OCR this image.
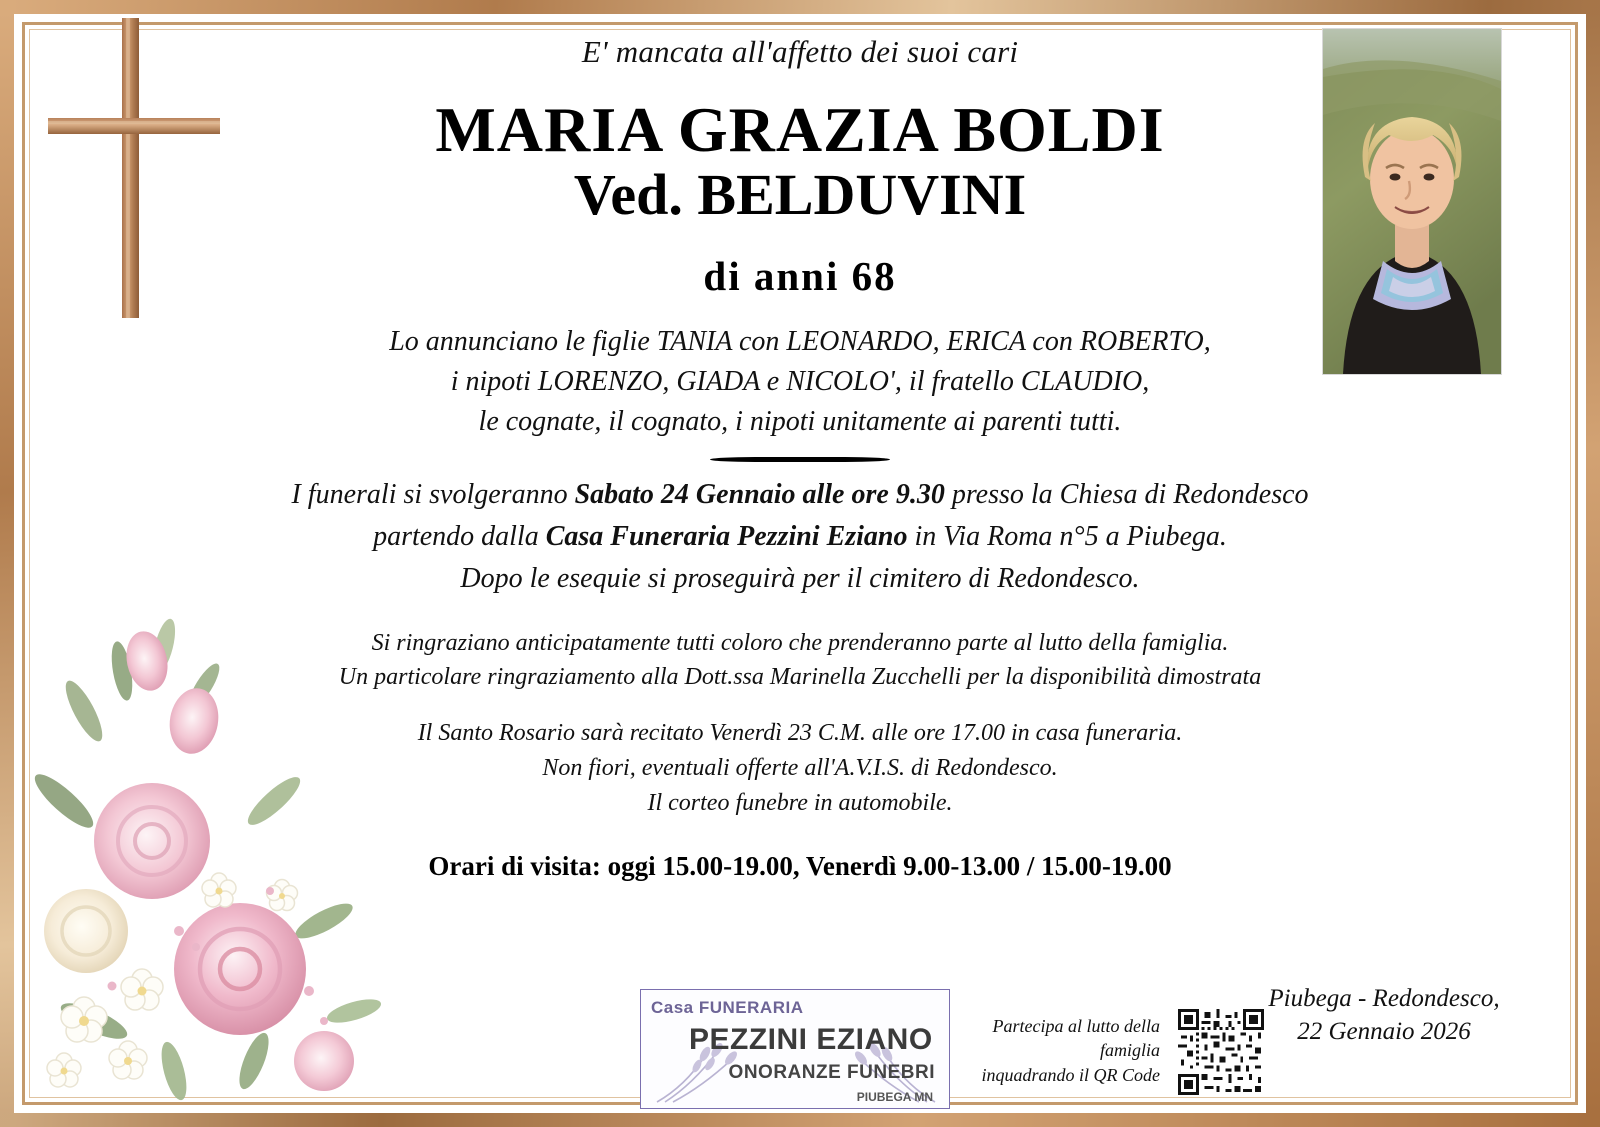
E' mancata all'affetto dei suoi cari
MARIA GRAZIA BOLDI
Ved. BELDUVINI
di anni 68
Lo annunciano le figlie TANIA con LEONARDO, ERICA con ROBERTO,
i nipoti LORENZO, GIADA e NICOLO', il fratello CLAUDIO,
le cognate, il cognato, i nipoti unitamente ai parenti tutti.
I funerali si svolgeranno Sabato 24 Gennaio alle ore 9.30 presso la Chiesa di Redondesco
partendo dalla Casa Funeraria Pezzini Eziano in Via Roma n°5 a Piubega.
Dopo le esequie si proseguirà per il cimitero di Redondesco.
Si ringraziano anticipatamente tutti coloro che prenderanno parte al lutto della famiglia.
Un particolare ringraziamento alla Dott.ssa Marinella Zucchelli per la disponibilità dimostrata
Il Santo Rosario sarà recitato Venerdì 23 C.M. alle ore 17.00 in casa funeraria.
Non fiori, eventuali offerte all'A.V.I.S. di Redondesco.
Il corteo funebre in automobile.
Orari di visita: oggi 15.00-19.00, Venerdì 9.00-13.00 / 15.00-19.00
Casa FUNERARIA
PEZZINI EZIANO
ONORANZE FUNEBRI
PIUBEGA MN
Partecipa al lutto della famiglia
inquadrando il QR Code
Piubega - Redondesco,
22 Gennaio 2026
